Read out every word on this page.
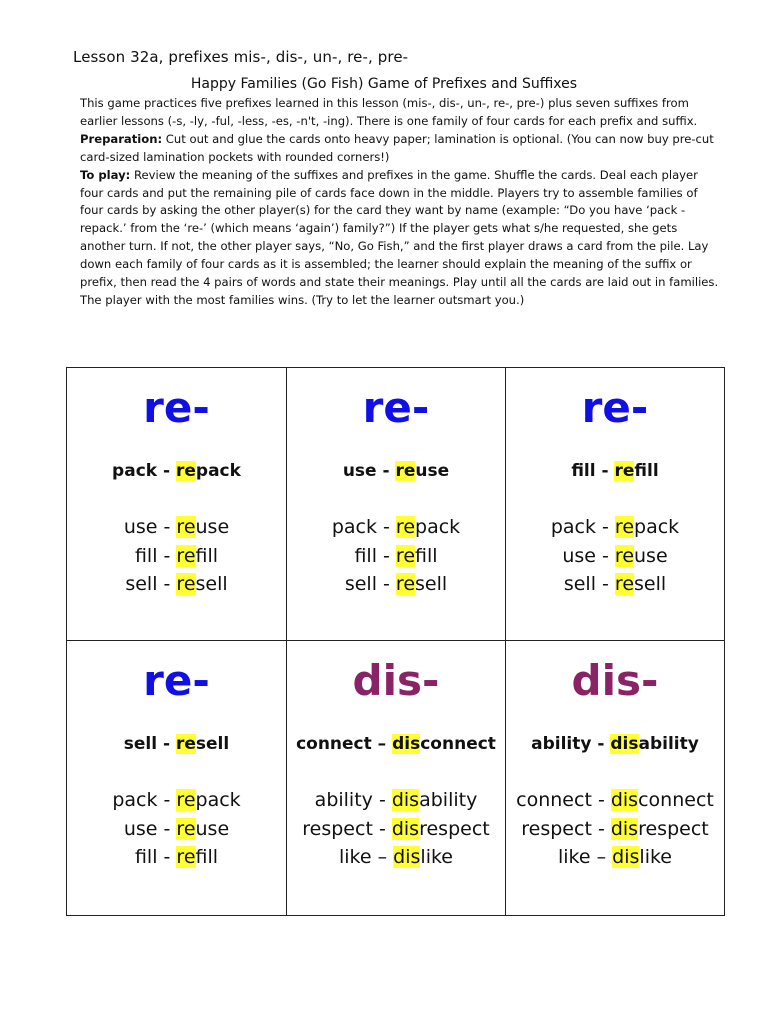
Lesson 32a, prefixes mis-, dis-, un-, re-, pre-
Happy Families (Go Fish) Game of Prefixes and Suffixes

This game practices five prefixes learned in this lesson (mis-, dis-, un-, re-, pre-) plus seven suffixes from earlier lessons (-s, -ly, -ful, -less, -es, -n't, -ing). There is one family of four cards for each prefix and suffix.

Preparation: Cut out and glue the cards onto heavy paper; lamination is optional. (You can now buy pre-cut card-sized lamination pockets with rounded corners!)

To play: Review the meaning of the suffixes and prefixes in the game. Shuffle the cards. Deal each player four cards and put the remaining pile of cards face down in the middle. Players try to assemble families of four cards by asking the other player(s) for the card they want by name (example: “Do you have ‘pack - repack.’ from the ‘re-’ (which means ‘again’) family?”) If the player gets what s/he requested, she gets another turn. If not, the other player says, “No, Go Fish,” and the first player draws a card from the pile. Lay down each family of four cards as it is assembled; the learner should explain the meaning of the suffix or prefix, then read the 4 pairs of words and state their meanings. Play until all the cards are laid out in families. The player with the most families wins. (Try to let the learner outsmart you.)

re-
pack - repack
use - reuse
fill - refill
sell - resell
re-
use - reuse
pack - repack
fill - refill
sell - resell
re-
fill - refill
pack - repack
use - reuse
sell - resell
re-
sell - resell
pack - repack
use - reuse
fill - refill
dis-
connect – disconnect
ability - disability
respect - disrespect
like – dislike
dis-
ability - disability
connect - disconnect
respect - disrespect
like – dislike
